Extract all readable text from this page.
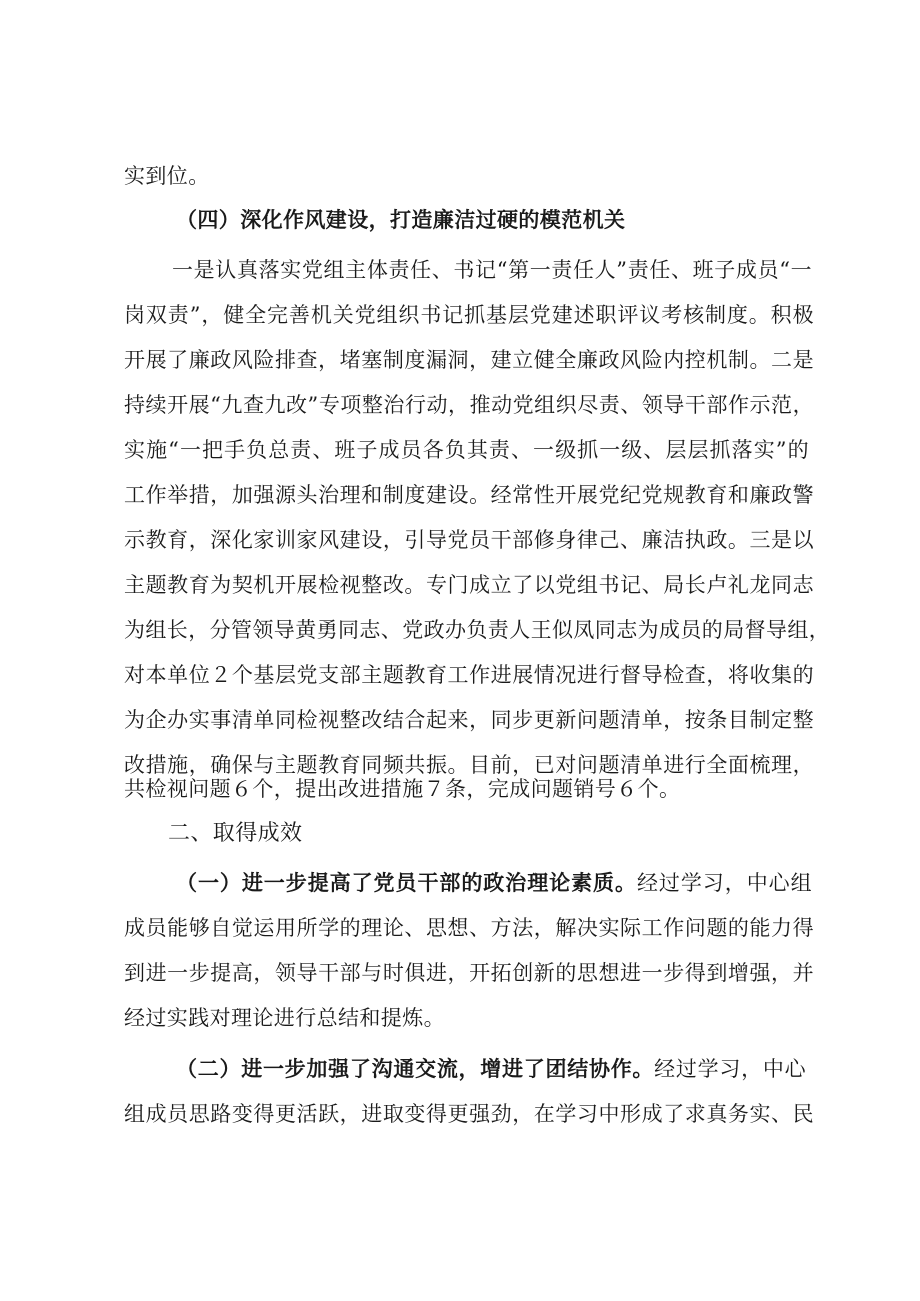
实到位。
（四）深化作风建设，打造廉洁过硬的模范机关
一是认真落实党组主体责任、书记“第一责任人”责任、班子成员“一
岗双责”，健全完善机关党组织书记抓基层党建述职评议考核制度。积极
开展了廉政风险排查，堵塞制度漏洞，建立健全廉政风险内控机制。二是
持续开展“九查九改”专项整治行动，推动党组织尽责、领导干部作示范，
实施“一把手负总责、班子成员各负其责、一级抓一级、层层抓落实”的
工作举措，加强源头治理和制度建设。经常性开展党纪党规教育和廉政警
示教育，深化家训家风建设，引导党员干部修身律己、廉洁执政。三是以
主题教育为契机开展检视整改。专门成立了以党组书记、局长卢礼龙同志
为组长，分管领导黄勇同志、党政办负责人王似凤同志为成员的局督导组，
对本单位２个基层党支部主题教育工作进展情况进行督导检查，将收集的
为企办实事清单同检视整改结合起来，同步更新问题清单，按条目制定整
改措施，确保与主题教育同频共振。目前，已对问题清单进行全面梳理，
共检视问题６个，提出改进措施７条，完成问题销号６个。
二、取得成效
（一）进一步提高了党员干部的政治理论素质。经过学习，中心组
成员能够自觉运用所学的理论、思想、方法，解决实际工作问题的能力得
到进一步提高，领导干部与时俱进，开拓创新的思想进一步得到增强，并
经过实践对理论进行总结和提炼。
（二）进一步加强了沟通交流，增进了团结协作。经过学习，中心
组成员思路变得更活跃，进取变得更强劲，在学习中形成了求真务实、民
